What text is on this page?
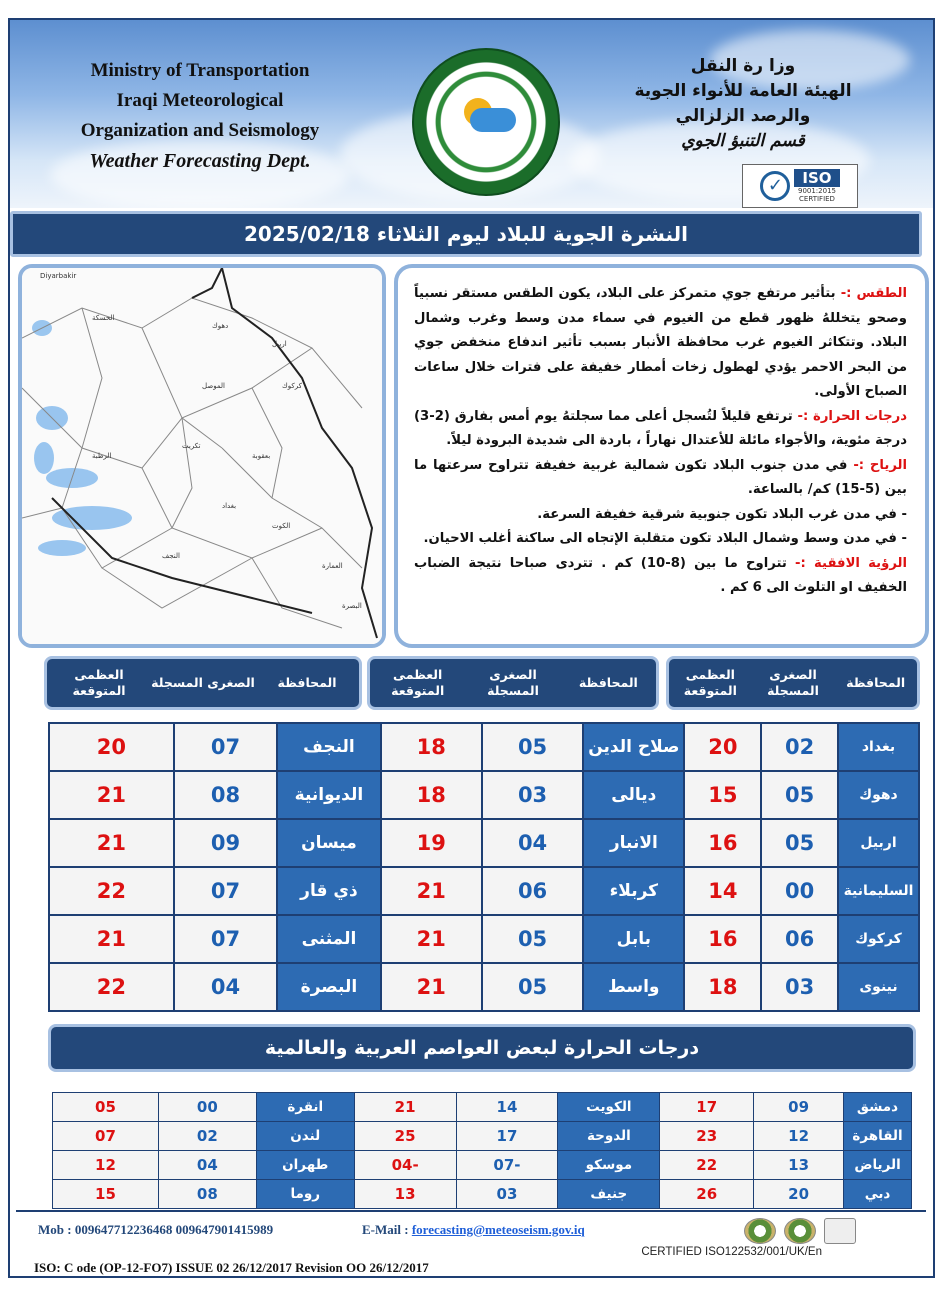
Ministry of Transportation
Iraqi Meteorological
Organization and Seismology
Weather Forecasting Dept.
وزا رة النقل
الهيئة العامة للأنواء الجوية
والرصد الزلزالي
قسم التنبؤ الجوي
✓	ISO
9001:2015
CERTIFIED
النشرة الجوية للبلاد ليوم الثلاثاء 2025/02/18
Diyarbakir
الحسكة
دهوك
اربيل
الموصل	كركوك
تكريت
بعقوبة
الرطبة
بغداد
الكوت
العمارة
البصرة
النجف

الطقس :- بتأثير مرتفع جوي متمركز على البلاد، يكون الطقس مستقر نسبياً وصحو يتخللهُ ظهور قطع من الغيوم في سماء مدن وسط وغرب وشمال البلاد. وتتكاثر الغيوم غرب محافظة الأنبار بسبب تأثير اندفاع منخفض جوي من البحر الاحمر يؤدي لهطول زخات أمطار خفيفة على فترات خلال ساعات الصباح الأولى.

درجات الحرارة :- ترتفع قليلاً لتُسجل أعلى مما سجلتهُ يوم أمس بفارق (2-3) درجة مئوية، والأجواء مائلة للأعتدال نهاراً ، باردة الى شديدة البرودة ليلاً.

الرياح :- في مدن جنوب البلاد تكون شمالية غربية خفيفة تتراوح سرعتها ما بين (5-15) كم/ بالساعة.

- في مدن غرب البلاد تكون جنوبية شرقية خفيفة السرعة.

- في مدن وسط وشمال البلاد تكون متقلبة الإتجاه الى ساكنة أغلب الاحيان.

الرؤية الافقية :- تتراوح ما بين (8-10) كم . تتردى صباحا نتيجة الضباب الخفيف او التلوث الى 6 كم .

المحافظة
الصغرى المسجلة
العظمى المتوقعة
المحافظة
الصغرى المسجلة
العظمى المتوقعة
المحافظة
الصغرى المسجلة
العظمى المتوقعة
بغداد	02	20	صلاح الدين	05	18	النجف	07	20
دهوك	05	15	ديالى	03	18	الديوانية	08	21
اربيل	05	16	الانبار	04	19	ميسان	09	21
السليمانية	00	14	كربلاء	06	21	ذي قار	07	22
كركوك	06	16	بابل	05	21	المثنى	07	21
نينوى	03	18	واسط	05	21	البصرة	04	22
درجات الحرارة لبعض العواصم العربية والعالمية
دمشق	09	17	الكويت	14	21	انقرة	00	05
القاهرة	12	23	الدوحة	17	25	لندن	02	07
الرياض	13	22	موسكو	-07	-04	طهران	04	12
دبي	20	26	جنيف	03	13	روما	08	15
Mob : 009647712236468 009647901415989	E-Mail : forecasting@meteoseism.gov.iq
CERTIFIED ISO122532/001/UK/En
ISO: C ode (OP-12-FO7) ISSUE 02 26/12/2017 Revision OO 26/12/2017
